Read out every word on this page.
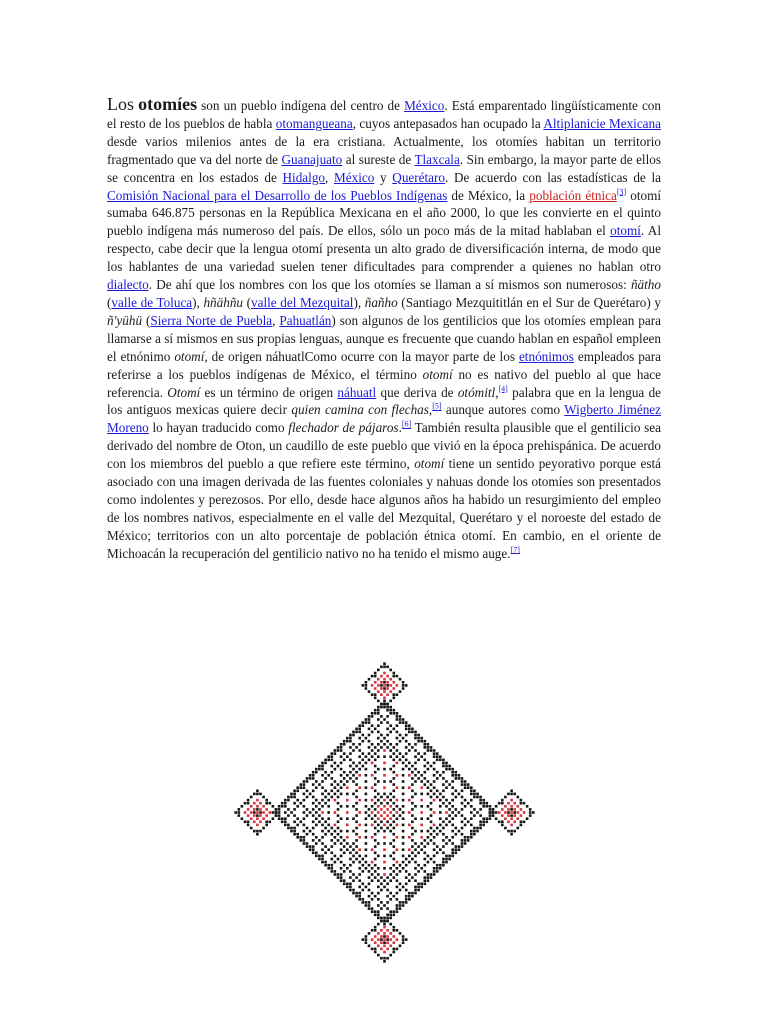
Los otomíes son un pueblo indígena del centro de México. Está emparentado lingüísticamente con el resto de los pueblos de habla otomangueana, cuyos antepasados han ocupado la Altiplanicie Mexicana desde varios milenios antes de la era cristiana. Actualmente, los otomíes habitan un territorio fragmentado que va del norte de Guanajuato al sureste de Tlaxcala. Sin embargo, la mayor parte de ellos se concentra en los estados de Hidalgo, México y Querétaro. De acuerdo con las estadísticas de la Comisión Nacional para el Desarrollo de los Pueblos Indígenas de México, la población étnica[3] otomí sumaba 646.875 personas en la República Mexicana en el año 2000, lo que les convierte en el quinto pueblo indígena más numeroso del país. De ellos, sólo un poco más de la mitad hablaban el otomí. Al respecto, cabe decir que la lengua otomí presenta un alto grado de diversificación interna, de modo que los hablantes de una variedad suelen tener dificultades para comprender a quienes no hablan otro dialecto. De ahí que los nombres con los que los otomíes se llaman a sí mismos son numerosos: ñätho (valle de Toluca), hñähñu (valle del Mezquital), ñañho (Santiago Mezquititlán en el Sur de Querétaro) y ñ'yühü (Sierra Norte de Puebla, Pahuatlán) son algunos de los gentilicios que los otomíes emplean para llamarse a sí mismos en sus propias lenguas, aunque es frecuente que cuando hablan en español empleen el etnónimo otomí, de origen náhuatlComo ocurre con la mayor parte de los etnónimos empleados para referirse a los pueblos indígenas de México, el término otomí no es nativo del pueblo al que hace referencia. Otomí es un término de origen náhuatl que deriva de otómitl,[4] palabra que en la lengua de los antiguos mexicas quiere decir quien camina con flechas,[5] aunque autores como Wigberto Jiménez Moreno lo hayan traducido como flechador de pájaros.[6] También resulta plausible que el gentilicio sea derivado del nombre de Oton, un caudillo de este pueblo que vivió en la época prehispánica. De acuerdo con los miembros del pueblo a que refiere este término, otomí tiene un sentido peyorativo porque está asociado con una imagen derivada de las fuentes coloniales y nahuas donde los otomíes son presentados como indolentes y perezosos. Por ello, desde hace algunos años ha habido un resurgimiento del empleo de los nombres nativos, especialmente en el valle del Mezquital, Querétaro y el noroeste del estado de México; territorios con un alto porcentaje de población étnica otomí. En cambio, en el oriente de Michoacán la recuperación del gentilicio nativo no ha tenido el mismo auge.[7]
